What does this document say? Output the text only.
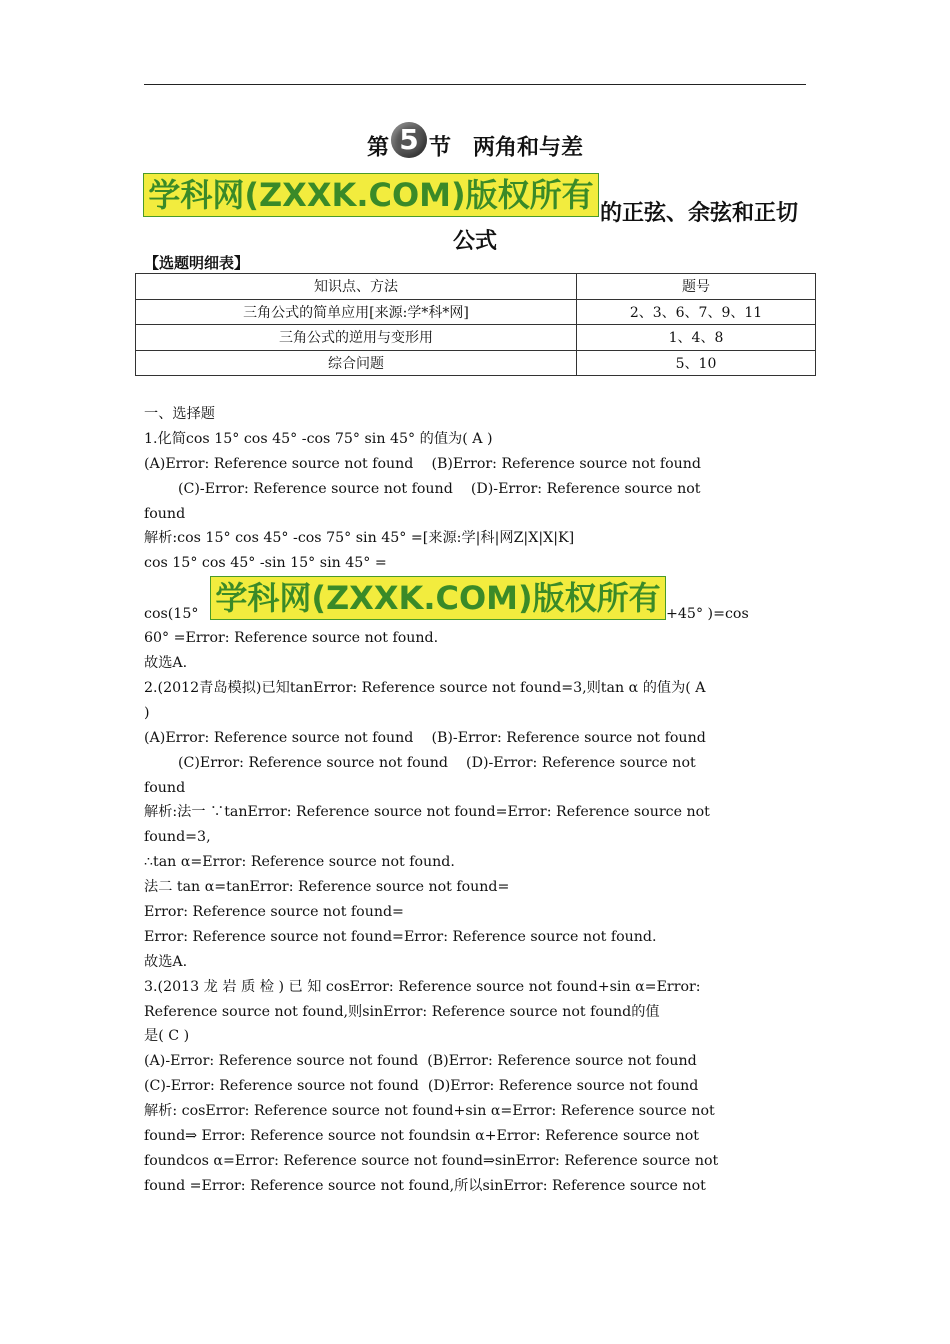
第 5 节 两角和与差
学科网(ZXXK.COM)版权所有 的正弦、余弦和正切
公式
【选题明细表】
知识点、方法	题号
三角公式的简单应用[来源:学*科*网]	2、3、6、7、9、11
三角公式的逆用与变形用	1、4、8
综合问题	5、10
一、选择题
1.化简cos 15° cos 45° -cos 75° sin 45° 的值为( A )
(A)Error: Reference source not found (B)Error: Reference source not found
(C)-Error: Reference source not found (D)-Error: Reference source not
found
解析:cos 15° cos 45° -cos 75° sin 45° =[来源:学|科|网Z|X|X|K]
cos 15° cos 45° -sin 15° sin 45° =
cos(15°	+45° )=cos
60° =Error: Reference source not found.
故选A.
2.(2012青岛模拟)已知tanError: Reference source not found=3,则tan α 的值为( A
)
(A)Error: Reference source not found (B)-Error: Reference source not found
(C)Error: Reference source not found (D)-Error: Reference source not
found
解析:法一 ∵tanError: Reference source not found=Error: Reference source not
found=3,
∴tan α=Error: Reference source not found.
法二 tan α=tanError: Reference source not found=
Error: Reference source not found=
Error: Reference source not found=Error: Reference source not found.
故选A.
3.(2013 龙 岩 质 检 ) 已 知 cosError: Reference source not found+sin α=Error:
Reference source not found,则sinError: Reference source not found的值
是( C )
(A)-Error: Reference source not found (B)Error: Reference source not found
(C)-Error: Reference source not found (D)Error: Reference source not found
解析: cosError: Reference source not found+sin α=Error: Reference source not
found⇒ Error: Reference source not foundsin α+Error: Reference source not
foundcos α=Error: Reference source not found⇒sinError: Reference source not
found =Error: Reference source not found,所以sinError: Reference source not
学科网(ZXXK.COM)版权所有
